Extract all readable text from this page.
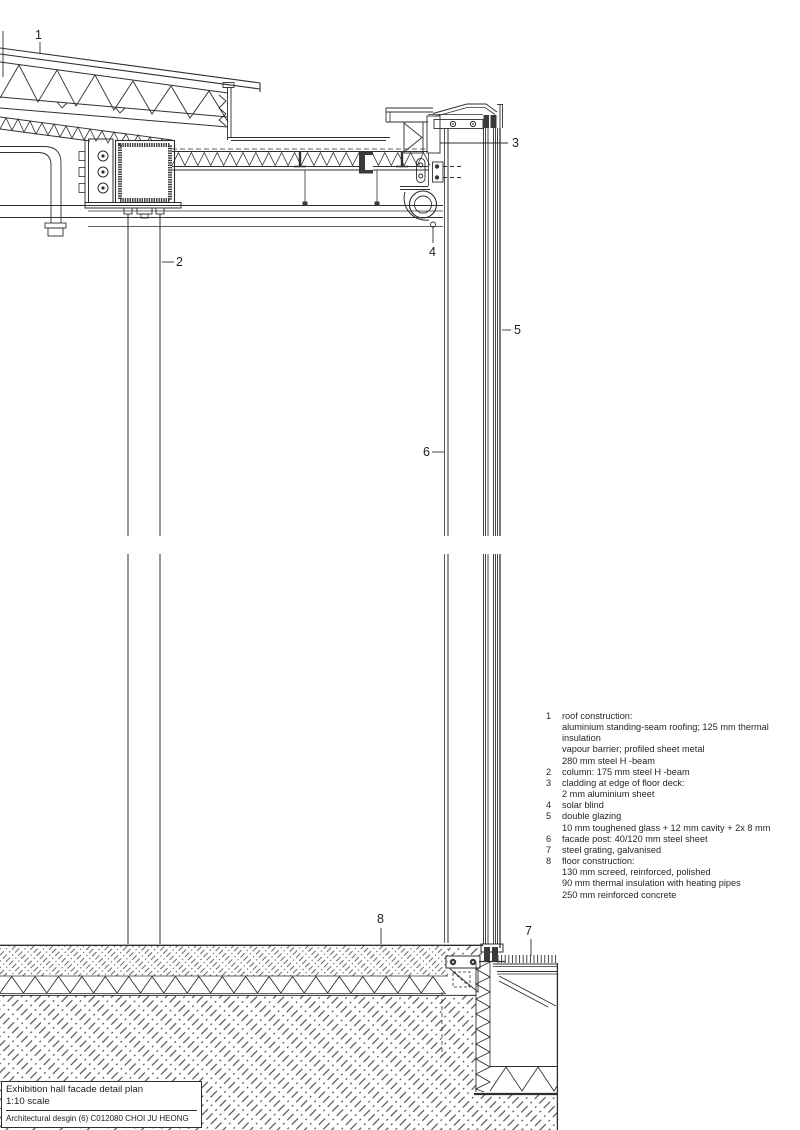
1
2
3
4
5
6
7
8
1	roof construction:
aluminium standing-seam roofing; 125 mm thermal
insulation
vapour barrier; profiled sheet metal
280 mm steel H -beam
2	column: 175 mm steel H -beam
3	cladding at edge of floor deck:
2 mm aluminium sheet
4	solar blind
5	double glazing
10 mm toughened glass + 12 mm cavity + 2x 8 mm
6	facade post: 40/120 mm steel sheet
7	steel grating, galvanised
8	floor construction:
130 mm screed, reinforced, polished
90 mm thermal insulation with heating pipes
250 mm reinforced concrete
Exhibition hall facade detail plan
1:10 scale
Architectural desgin (6) C012080 CHOI JU HEONG
